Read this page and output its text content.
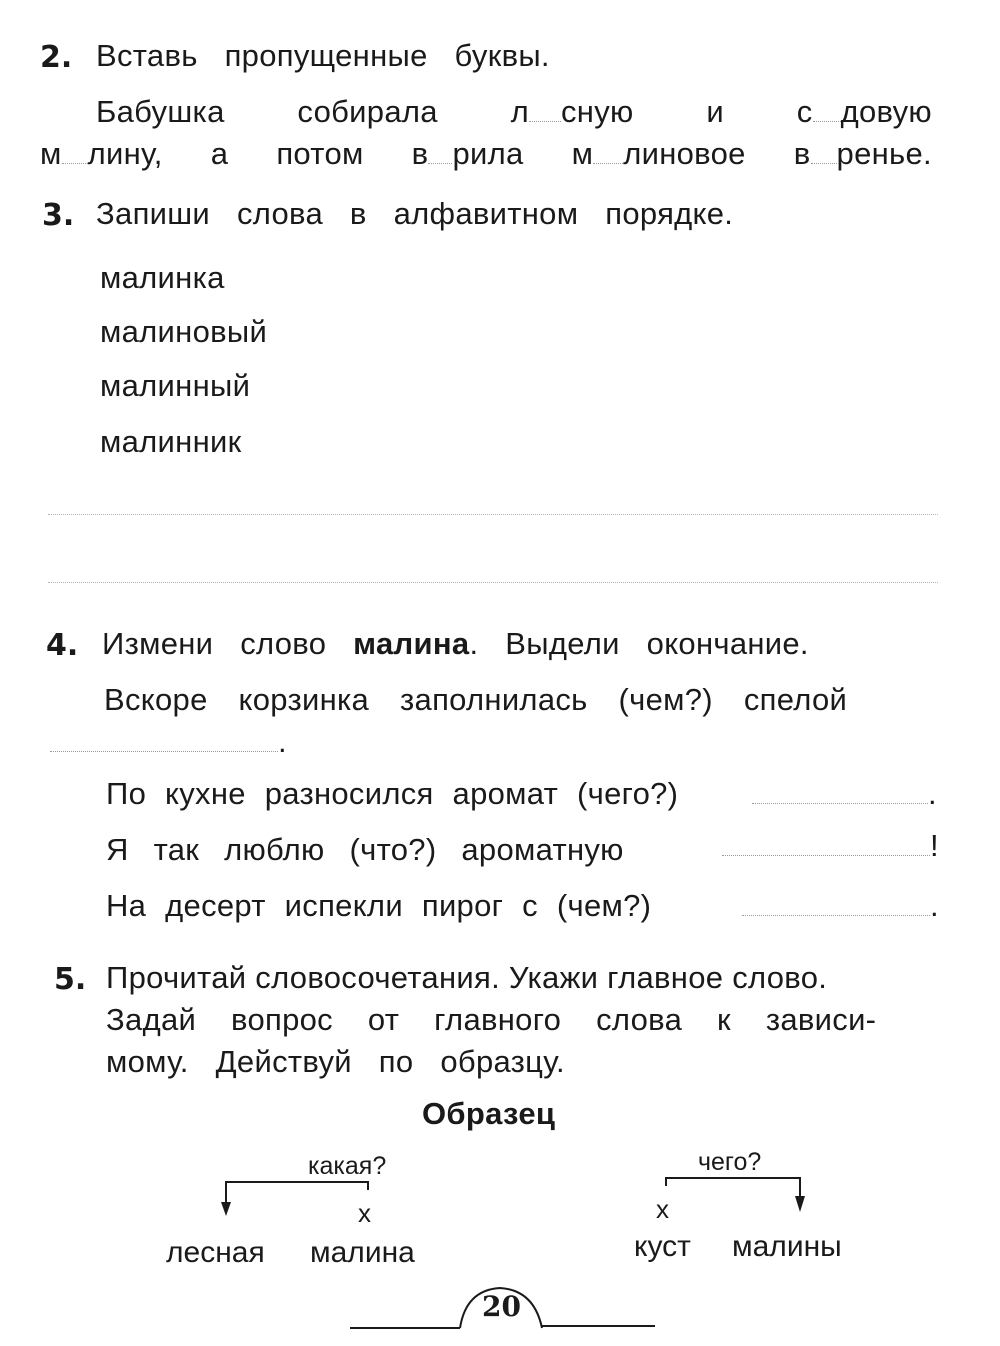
2. Вставь пропущенные буквы.
Бабушка собирала л сную и с довую
м лину, а потом в рила м линовое в ренье.
3. Запиши слова в алфавитном порядке.
малинка
малиновый
малинный
малинник
4. Измени слово малина. Выдели окончание.
Вскоре корзинка заполнилась (чем?) спелой
.
По кухне разносился аромат (чего?)	.
Я так люблю (что?) ароматную	!
На десерт испекли пирог с (чем?)	.
5. Прочитай словосочетания. Укажи главное слово.
Задай вопрос от главного слова к зависи-
мому. Действуй по образцу.
Образец
какая?
х
лесная малина
чего?
х
куст малины
20
